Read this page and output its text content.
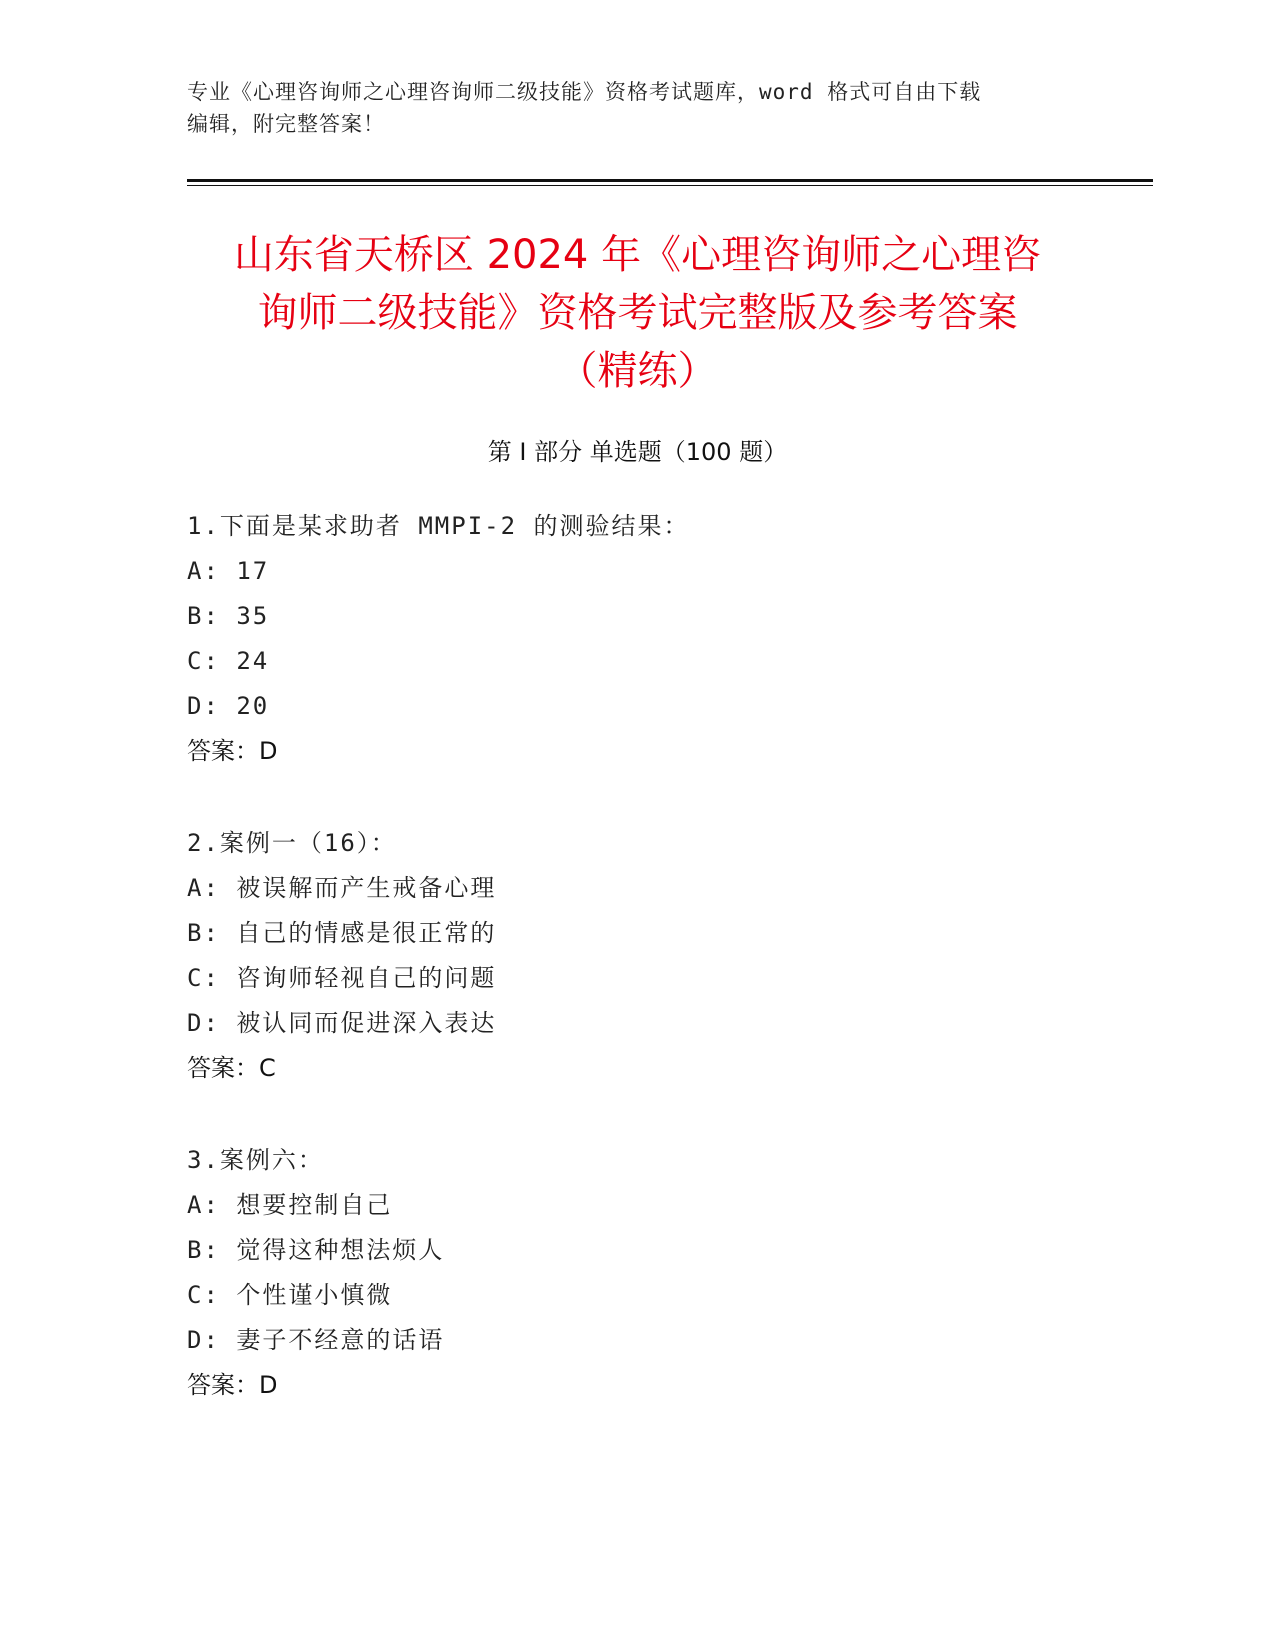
专业《心理咨询师之心理咨询师二级技能》资格考试题库，word 格式可自由下载
编辑，附完整答案！
山东省天桥区 2024 年《心理咨询师之心理咨
询师二级技能》资格考试完整版及参考答案
（精练）
第 I 部分 单选题（100 题）
1.下面是某求助者 MMPI-2 的测验结果：
A: 17
B: 35
C: 24
D: 20
答案：D
2.案例一（16）：
A: 被误解而产生戒备心理
B: 自己的情感是很正常的
C: 咨询师轻视自己的问题
D: 被认同而促进深入表达
答案：C
3.案例六：
A: 想要控制自己
B: 觉得这种想法烦人
C: 个性谨小慎微
D: 妻子不经意的话语
答案：D
